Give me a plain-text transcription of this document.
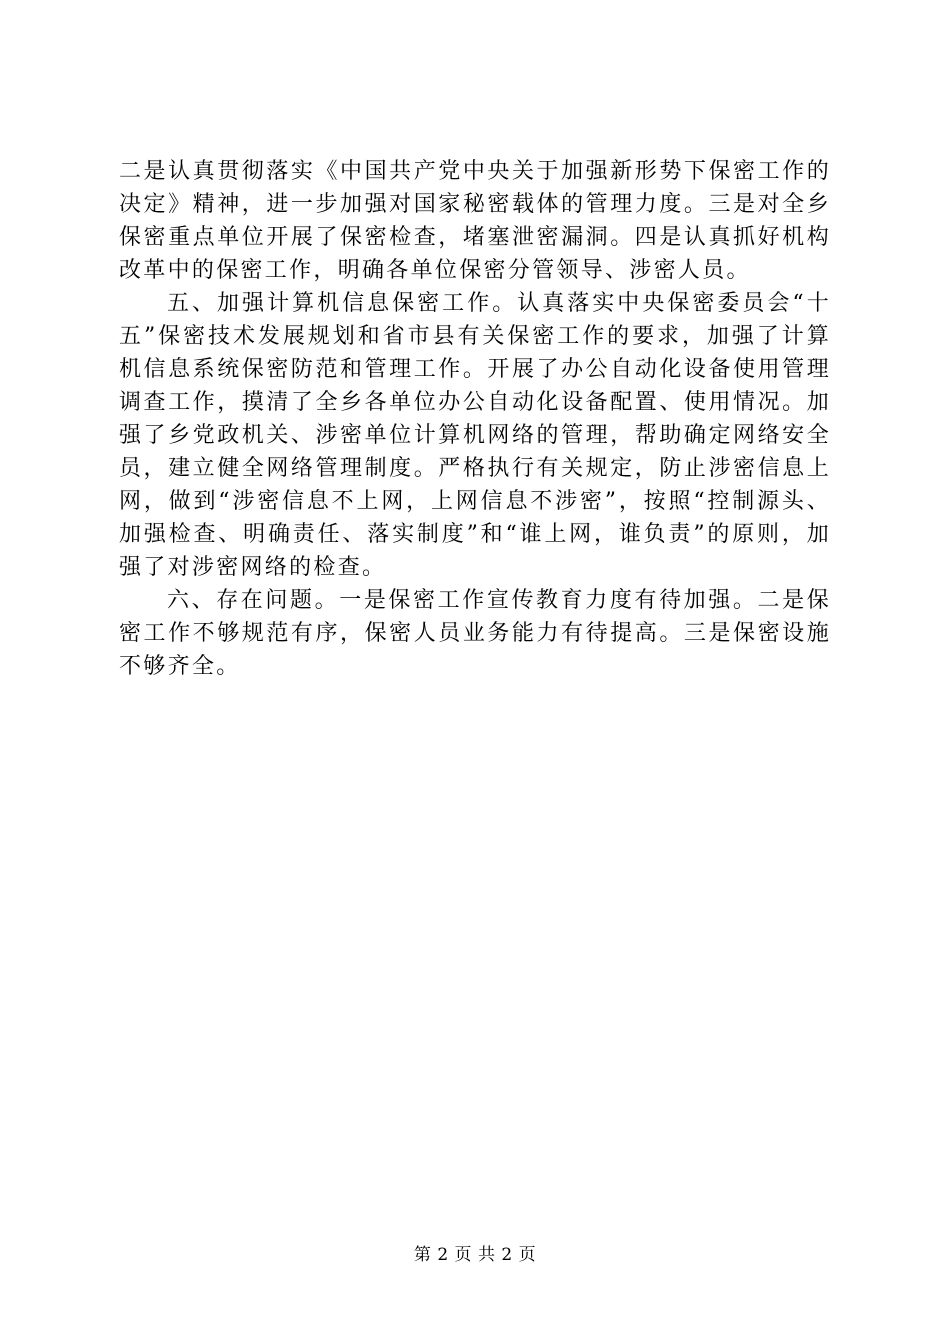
二是认真贯彻落实《中国共产党中央关于加强新形势下保密工作的决定》精神，进一步加强对国家秘密载体的管理力度。三是对全乡保密重点单位开展了保密检查，堵塞泄密漏洞。四是认真抓好机构改革中的保密工作，明确各单位保密分管领导、涉密人员。

五、加强计算机信息保密工作。认真落实中央保密委员会“十五”保密技术发展规划和省市县有关保密工作的要求，加强了计算机信息系统保密防范和管理工作。开展了办公自动化设备使用管理调查工作，摸清了全乡各单位办公自动化设备配置、使用情况。加强了乡党政机关、涉密单位计算机网络的管理，帮助确定网络安全员，建立健全网络管理制度。严格执行有关规定，防止涉密信息上网，做到“涉密信息不上网，上网信息不涉密”，按照“控制源头、加强检查、明确责任、落实制度”和“谁上网，谁负责”的原则，加强了对涉密网络的检查。

六、存在问题。一是保密工作宣传教育力度有待加强。二是保密工作不够规范有序，保密人员业务能力有待提高。三是保密设施不够齐全。

第 2 页 共 2 页
